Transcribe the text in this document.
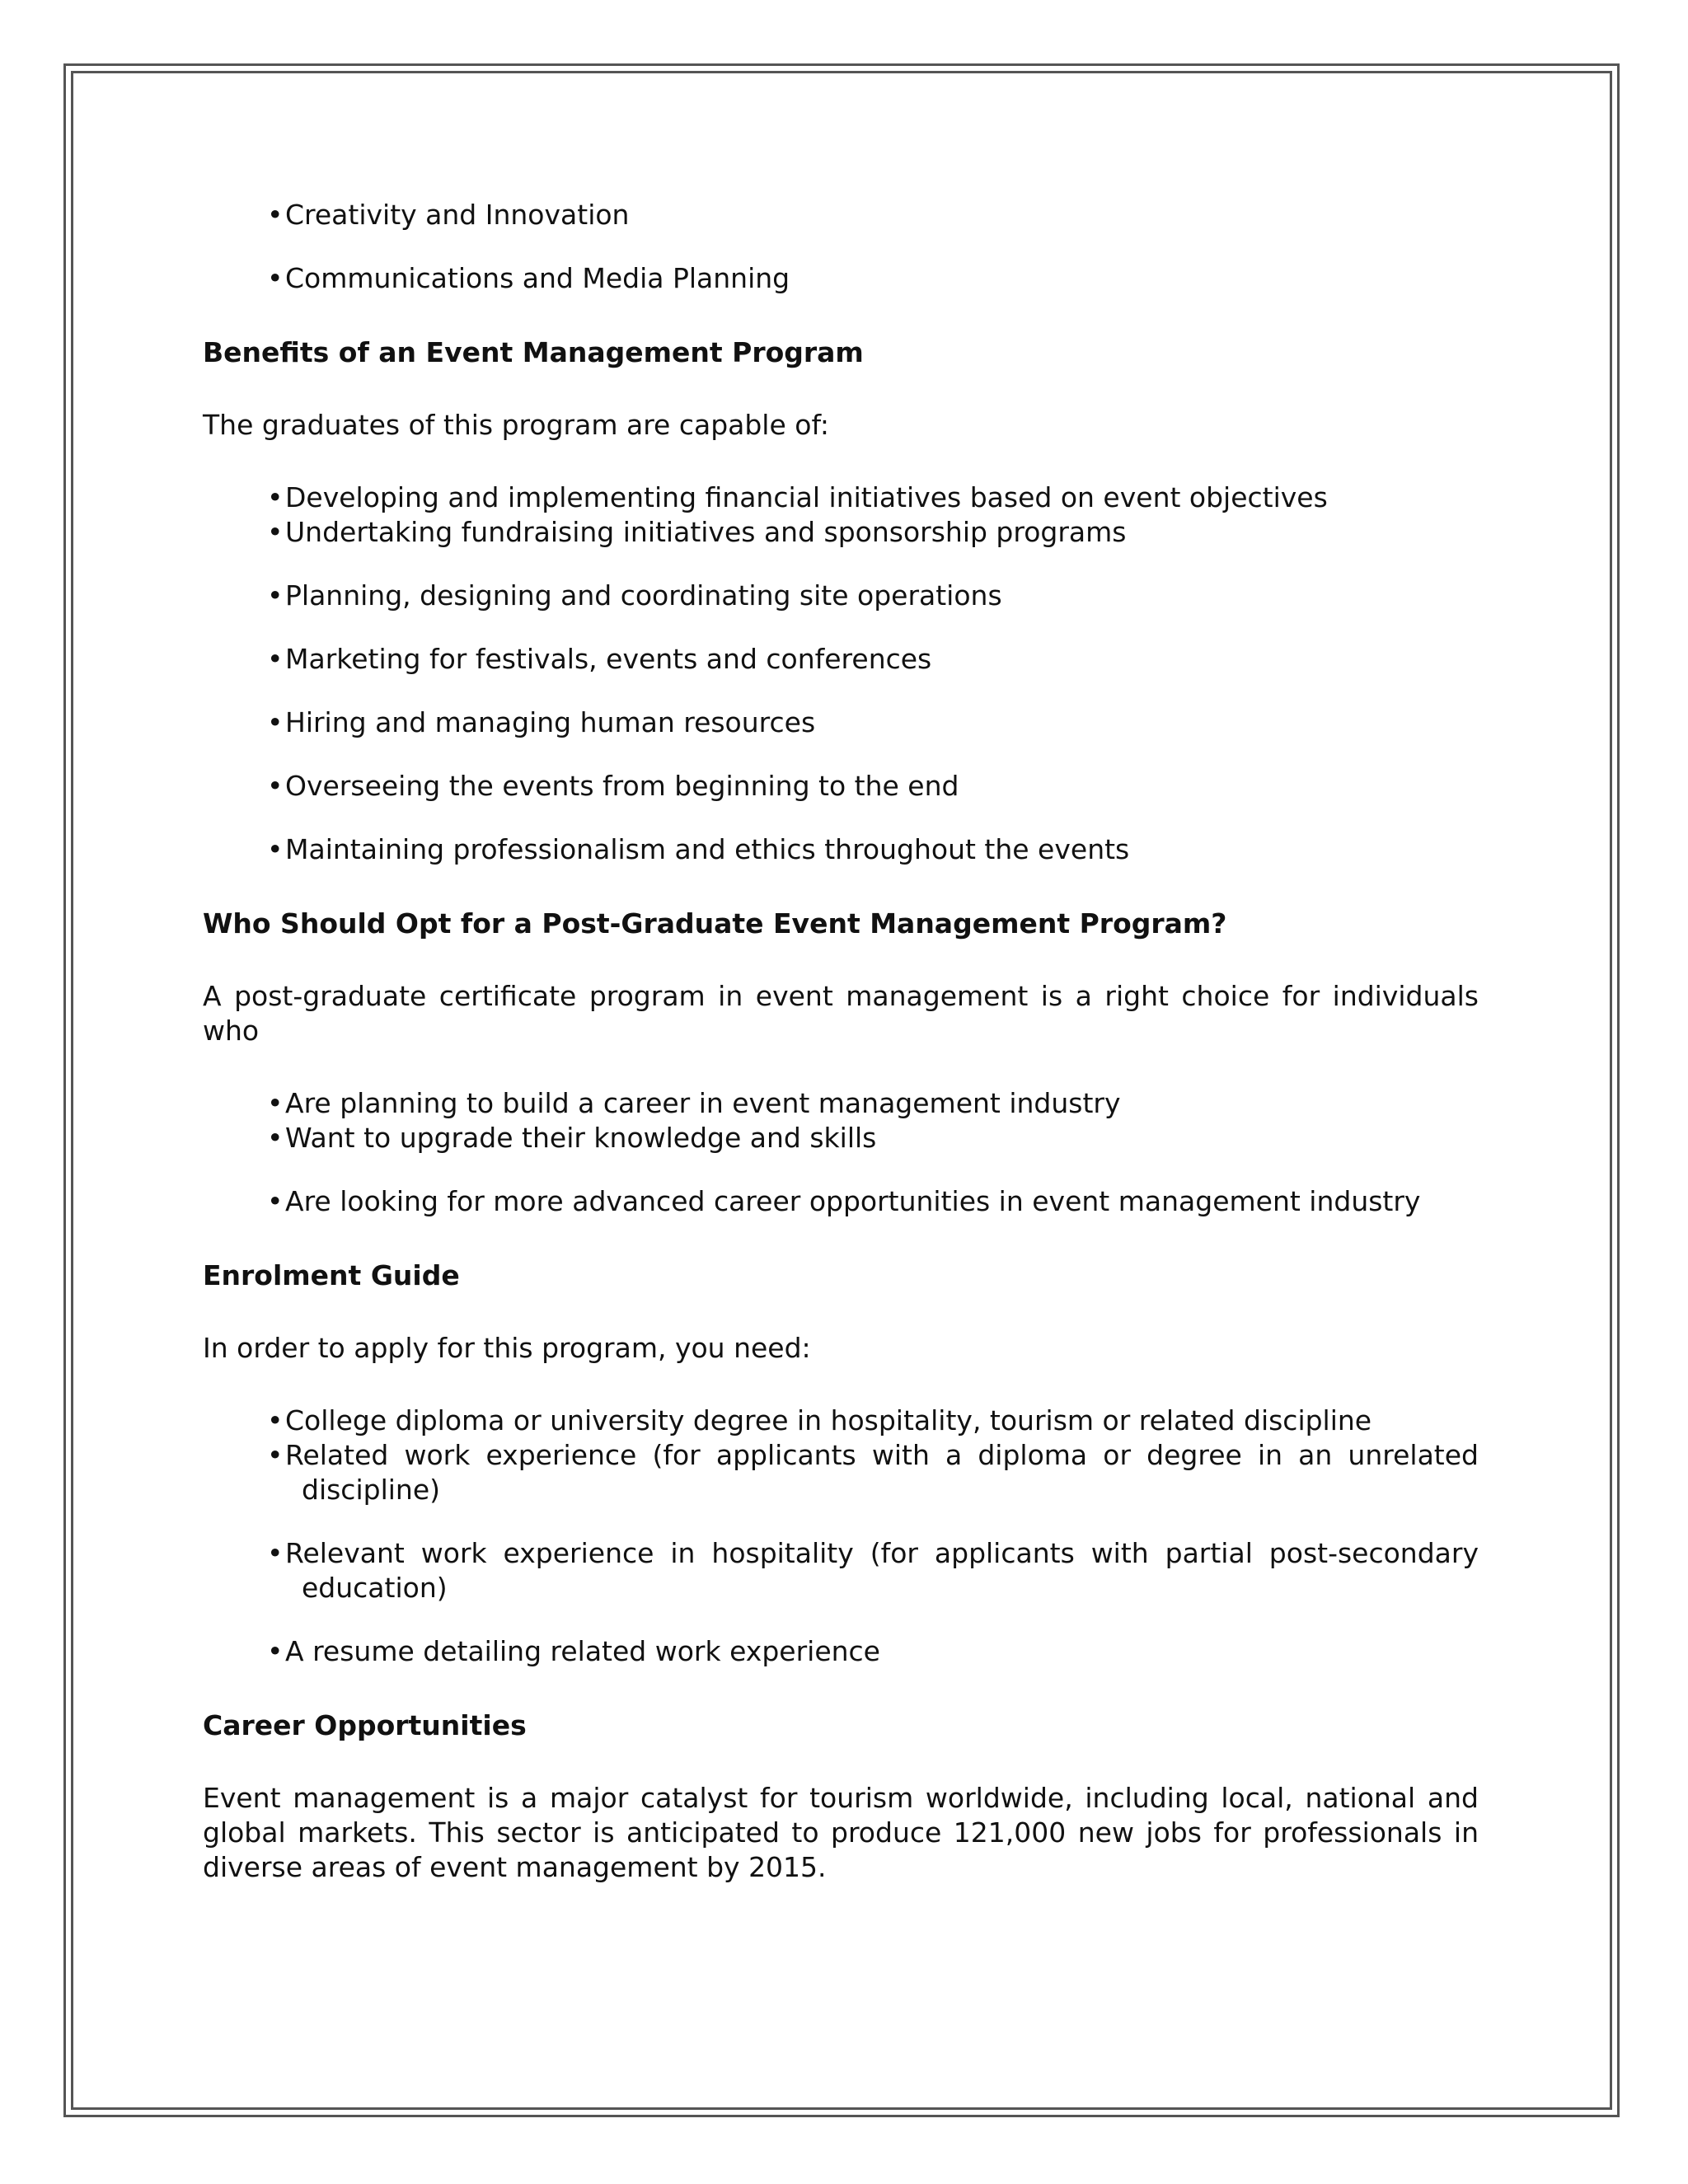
• Creativity and Innovation
• Communications and Media Planning
Benefits of an Event Management Program

The graduates of this program are capable of:

• Developing and implementing financial initiatives based on event objectives
• Undertaking fundraising initiatives and sponsorship programs
• Planning, designing and coordinating site operations
• Marketing for festivals, events and conferences
• Hiring and managing human resources
• Overseeing the events from beginning to the end
• Maintaining professionalism and ethics throughout the events
Who Should Opt for a Post-Graduate Event Management Program?

A post-graduate certificate program in event management is a right choice for individuals who

• Are planning to build a career in event management industry
• Want to upgrade their knowledge and skills
• Are looking for more advanced career opportunities in event management industry
Enrolment Guide

In order to apply for this program, you need:

• College diploma or university degree in hospitality, tourism or related discipline
• Related work experience (for applicants with a diploma or degree in an unrelated discipline)
• Relevant work experience in hospitality (for applicants with partial post-secondary education)
• A resume detailing related work experience
Career Opportunities

Event management is a major catalyst for tourism worldwide, including local, national and global markets. This sector is anticipated to produce 121,000 new jobs for professionals in diverse areas of event management by 2015.
